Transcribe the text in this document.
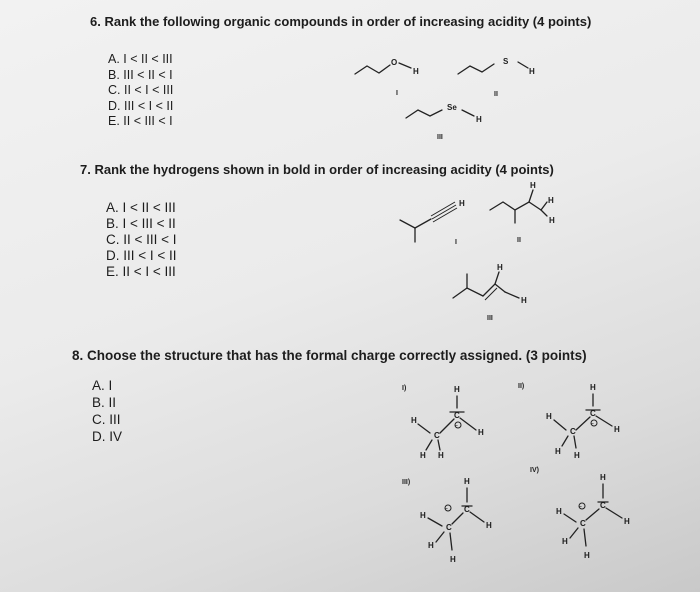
6. Rank the following organic compounds in order of increasing acidity (4 points)
A. I < II < III
B. III < II < I
C. II < I < III
D. III < I < II
E. II < III < I
O
H
I
S
H
II
Se
H
III
7. Rank the hydrogens shown in bold in order of increasing acidity (4 points)
A. I < II < III
B. I < III < II
C. II < III < I
D. III < I < II
E. II < I < III
H
I
H
H
H
II
H
H
III
8. Choose the structure that has the formal charge correctly assigned. (3 points)
A. I
B. II
C. III
D. IV
I)	H
C
−
H
C
H
H H
II)	H
C
−
H
C
H
H H
III)	H
C
H
−
C
H
H
H
IV)
H
C
H
−
C
H
H
H
